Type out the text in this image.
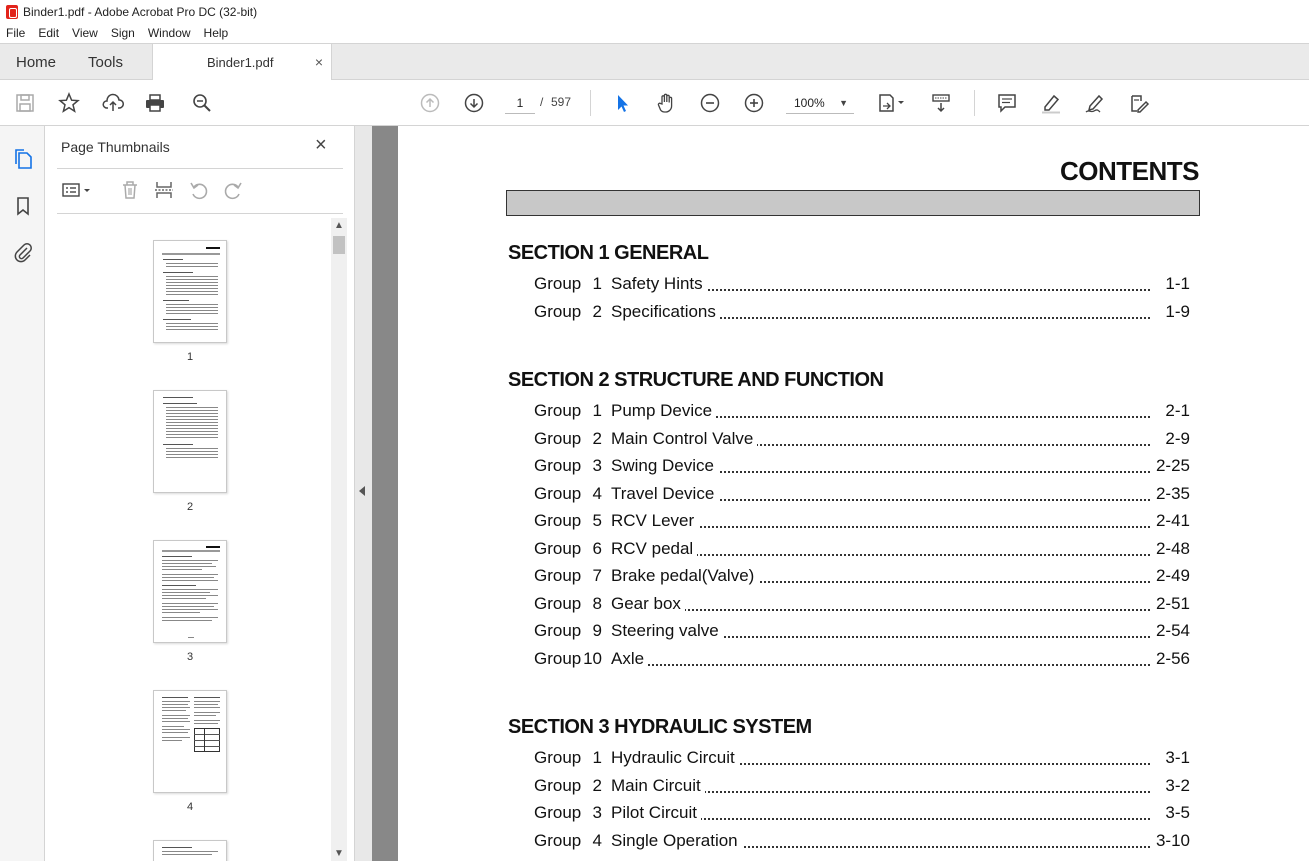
Binder1.pdf - Adobe Acrobat Pro DC (32-bit)
File Edit View Sign Window Help
Home Tools	Binder1.pdf	×
1	/ 597	100% ▼
Page Thumbnails	×
1
2
3
4
▲
▼
CONTENTS
SECTION 1 GENERAL
Group 1 Safety Hints	1-1
Group 2 Specifications	1-9
SECTION 2 STRUCTURE AND FUNCTION
Group 1 Pump Device	2-1
Group 2 Main Control Valve	2-9
Group 3 Swing Device	2-25
Group 4 Travel Device	2-35
Group 5 RCV Lever	2-41
Group 6 RCV pedal	2-48
Group 7 Brake pedal(Valve)	2-49
Group 8 Gear box	2-51
Group 9 Steering valve	2-54
Group 10 Axle	2-56
SECTION 3 HYDRAULIC SYSTEM
Group 1 Hydraulic Circuit	3-1
Group 2 Main Circuit	3-2
Group 3 Pilot Circuit	3-5
Group 4 Single Operation	3-10
